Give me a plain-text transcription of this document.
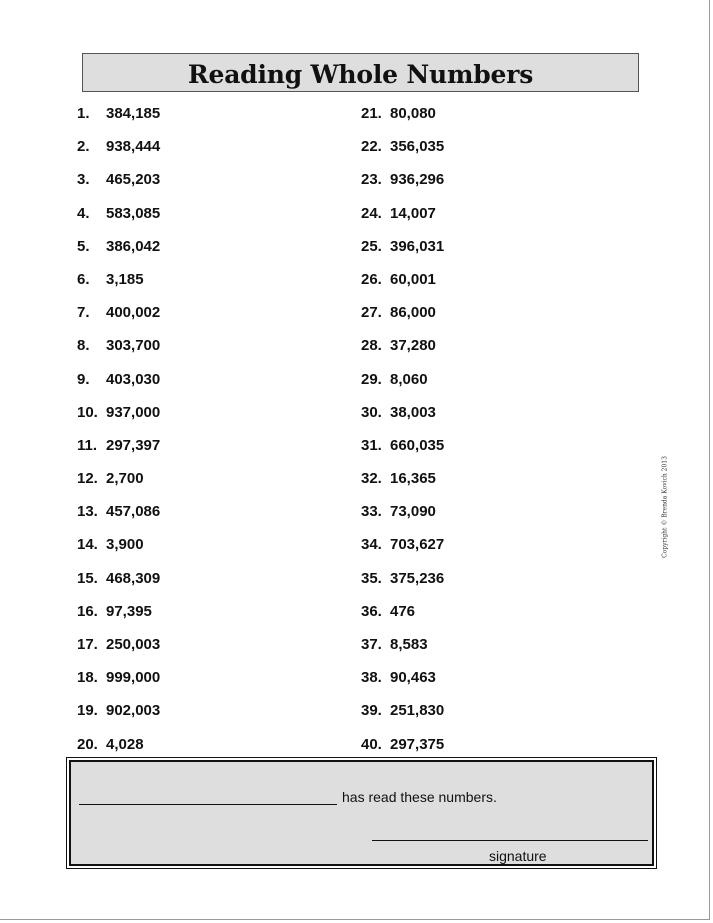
Reading Whole Numbers
1. 384,185
2. 938,444
3. 465,203
4. 583,085
5. 386,042
6. 3,185
7. 400,002
8. 303,700
9. 403,030
10. 937,000
11. 297,397
12. 2,700
13. 457,086
14. 3,900
15. 468,309
16. 97,395
17. 250,003
18. 999,000
19. 902,003
20. 4,028
21. 80,080
22. 356,035
23. 936,296
24. 14,007
25. 396,031
26. 60,001
27. 86,000
28. 37,280
29. 8,060
30. 38,003
31. 660,035
32. 16,365
33. 73,090
34. 703,627
35. 375,236
36. 476
37. 8,583
38. 90,463
39. 251,830
40. 297,375
has read these numbers.
signature
Copyright © Brenda Kovich 2013
